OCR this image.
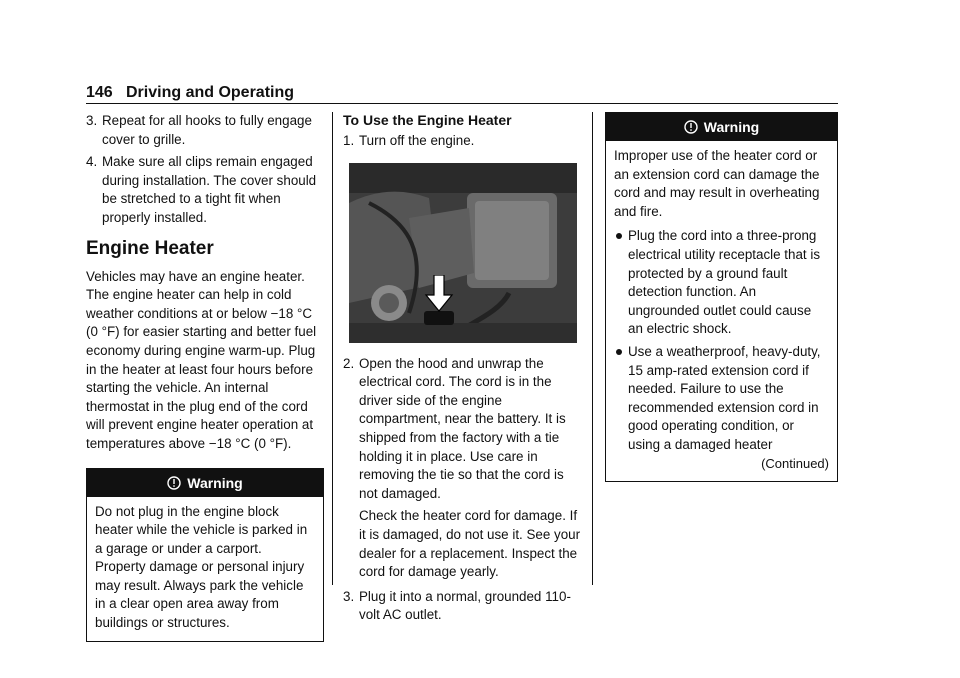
146 Driving and Operating
3. Repeat for all hooks to fully engage cover to grille.
4. Make sure all clips remain engaged during installation. The cover should be stretched to a tight fit when properly installed.
Engine Heater

Vehicles may have an engine heater. The engine heater can help in cold weather conditions at or below −18 °C (0 °F) for easier starting and better fuel economy during engine warm-up. Plug in the heater at least four hours before starting the vehicle. An internal thermostat in the plug end of the cord will prevent engine heater operation at temperatures above −18 °C (0 °F).

Warning
Do not plug in the engine block heater while the vehicle is parked in a garage or under a carport. Property damage or personal injury may result. Always park the vehicle in a clear open area away from buildings or structures.
To Use the Engine Heater
1. Turn off the engine.
2. Open the hood and unwrap the electrical cord. The cord is in the driver side of the engine compartment, near the battery. It is shipped from the factory with a tie holding it in place. Use care in removing the tie so that the cord is not damaged.

Check the heater cord for damage. If it is damaged, do not use it. See your dealer for a replacement. Inspect the cord for damage yearly.

3. Plug it into a normal, grounded 110-volt AC outlet.
Warning

Improper use of the heater cord or an extension cord can damage the cord and may result in overheating and fire.

Plug the cord into a three-prong electrical utility receptacle that is protected by a ground fault detection function. An ungrounded outlet could cause an electric shock.
Use a weatherproof, heavy-duty, 15 amp-rated extension cord if needed. Failure to use the recommended extension cord in good operating condition, or using a damaged heater
(Continued)
